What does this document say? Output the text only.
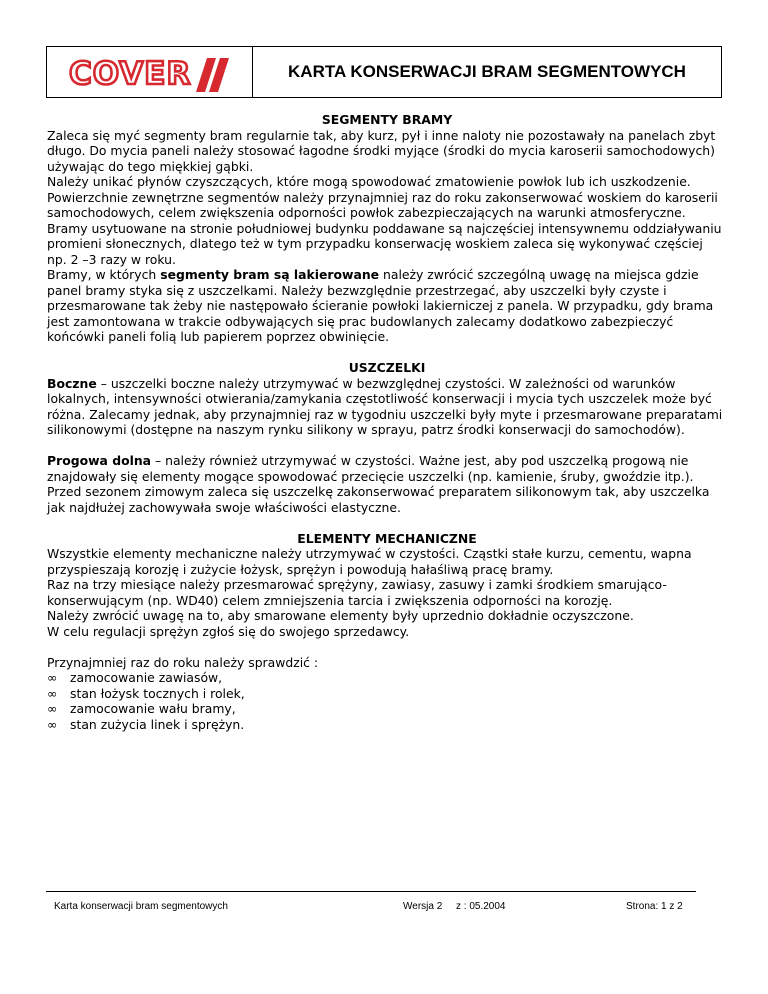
COVER	KARTA KONSERWACJI BRAM SEGMENTOWYCH

SEGMENTY BRAMY

Zaleca się myć segmenty bram regularnie tak, aby kurz, pył i inne naloty nie pozostawały na panelach zbyt długo. Do mycia paneli należy stosować łagodne środki myjące (środki do mycia karoserii samochodowych) używając do tego miękkiej gąbki.

Należy unikać płynów czyszczących, które mogą spowodować zmatowienie powłok lub ich uszkodzenie.

Powierzchnie zewnętrzne segmentów należy przynajmniej raz do roku zakonserwować woskiem do karoserii samochodowych, celem zwiększenia odporności powłok zabezpieczających na warunki atmosferyczne.

Bramy usytuowane na stronie południowej budynku poddawane są najczęściej intensywnemu oddziaływaniu promieni słonecznych, dlatego też w tym przypadku konserwację woskiem zaleca się wykonywać częściej

np. 2 –3 razy w roku.

Bramy, w których segmenty bram są lakierowane należy zwrócić szczególną uwagę na miejsca gdzie panel bramy styka się z uszczelkami. Należy bezwzględnie przestrzegać, aby uszczelki były czyste i przesmarowane tak żeby nie następowało ścieranie powłoki lakierniczej z panela. W przypadku, gdy brama jest zamontowana w trakcie odbywających się prac budowlanych zalecamy dodatkowo zabezpieczyć końcówki paneli folią lub papierem poprzez obwinięcie.

USZCZELKI

Boczne – uszczelki boczne należy utrzymywać w bezwzględnej czystości. W zależności od warunków lokalnych, intensywności otwierania/zamykania częstotliwość konserwacji i mycia tych uszczelek może być różna. Zalecamy jednak, aby przynajmniej raz w tygodniu uszczelki były myte i przesmarowane preparatami silikonowymi (dostępne na naszym rynku silikony w sprayu, patrz środki konserwacji do samochodów).

Progowa dolna – należy również utrzymywać w czystości. Ważne jest, aby pod uszczelką progową nie znajdowały się elementy mogące spowodować przecięcie uszczelki (np. kamienie, śruby, gwoździe itp.). Przed sezonem zimowym zaleca się uszczelkę zakonserwować preparatem silikonowym tak, aby uszczelka jak najdłużej zachowywała swoje właściwości elastyczne.

ELEMENTY MECHANICZNE

Wszystkie elementy mechaniczne należy utrzymywać w czystości. Cząstki stałe kurzu, cementu, wapna przyspieszają korozję i zużycie łożysk, sprężyn i powodują hałaśliwą pracę bramy.

Raz na trzy miesiące należy przesmarować sprężyny, zawiasy, zasuwy i zamki środkiem smarująco-konserwującym (np. WD40) celem zmniejszenia tarcia i zwiększenia odporności na korozję.

Należy zwrócić uwagę na to, aby smarowane elementy były uprzednio dokładnie oczyszczone.

W celu regulacji sprężyn zgłoś się do swojego sprzedawcy.

Przynajmniej raz do roku należy sprawdzić :

∞ zamocowanie zawiasów,
∞ stan łożysk tocznych i rolek,
∞ zamocowanie wału bramy,
∞ stan zużycia linek i sprężyn.
Karta konserwacji bram segmentowych	Wersja 2 z : 05.2004	Strona: 1 z 2
